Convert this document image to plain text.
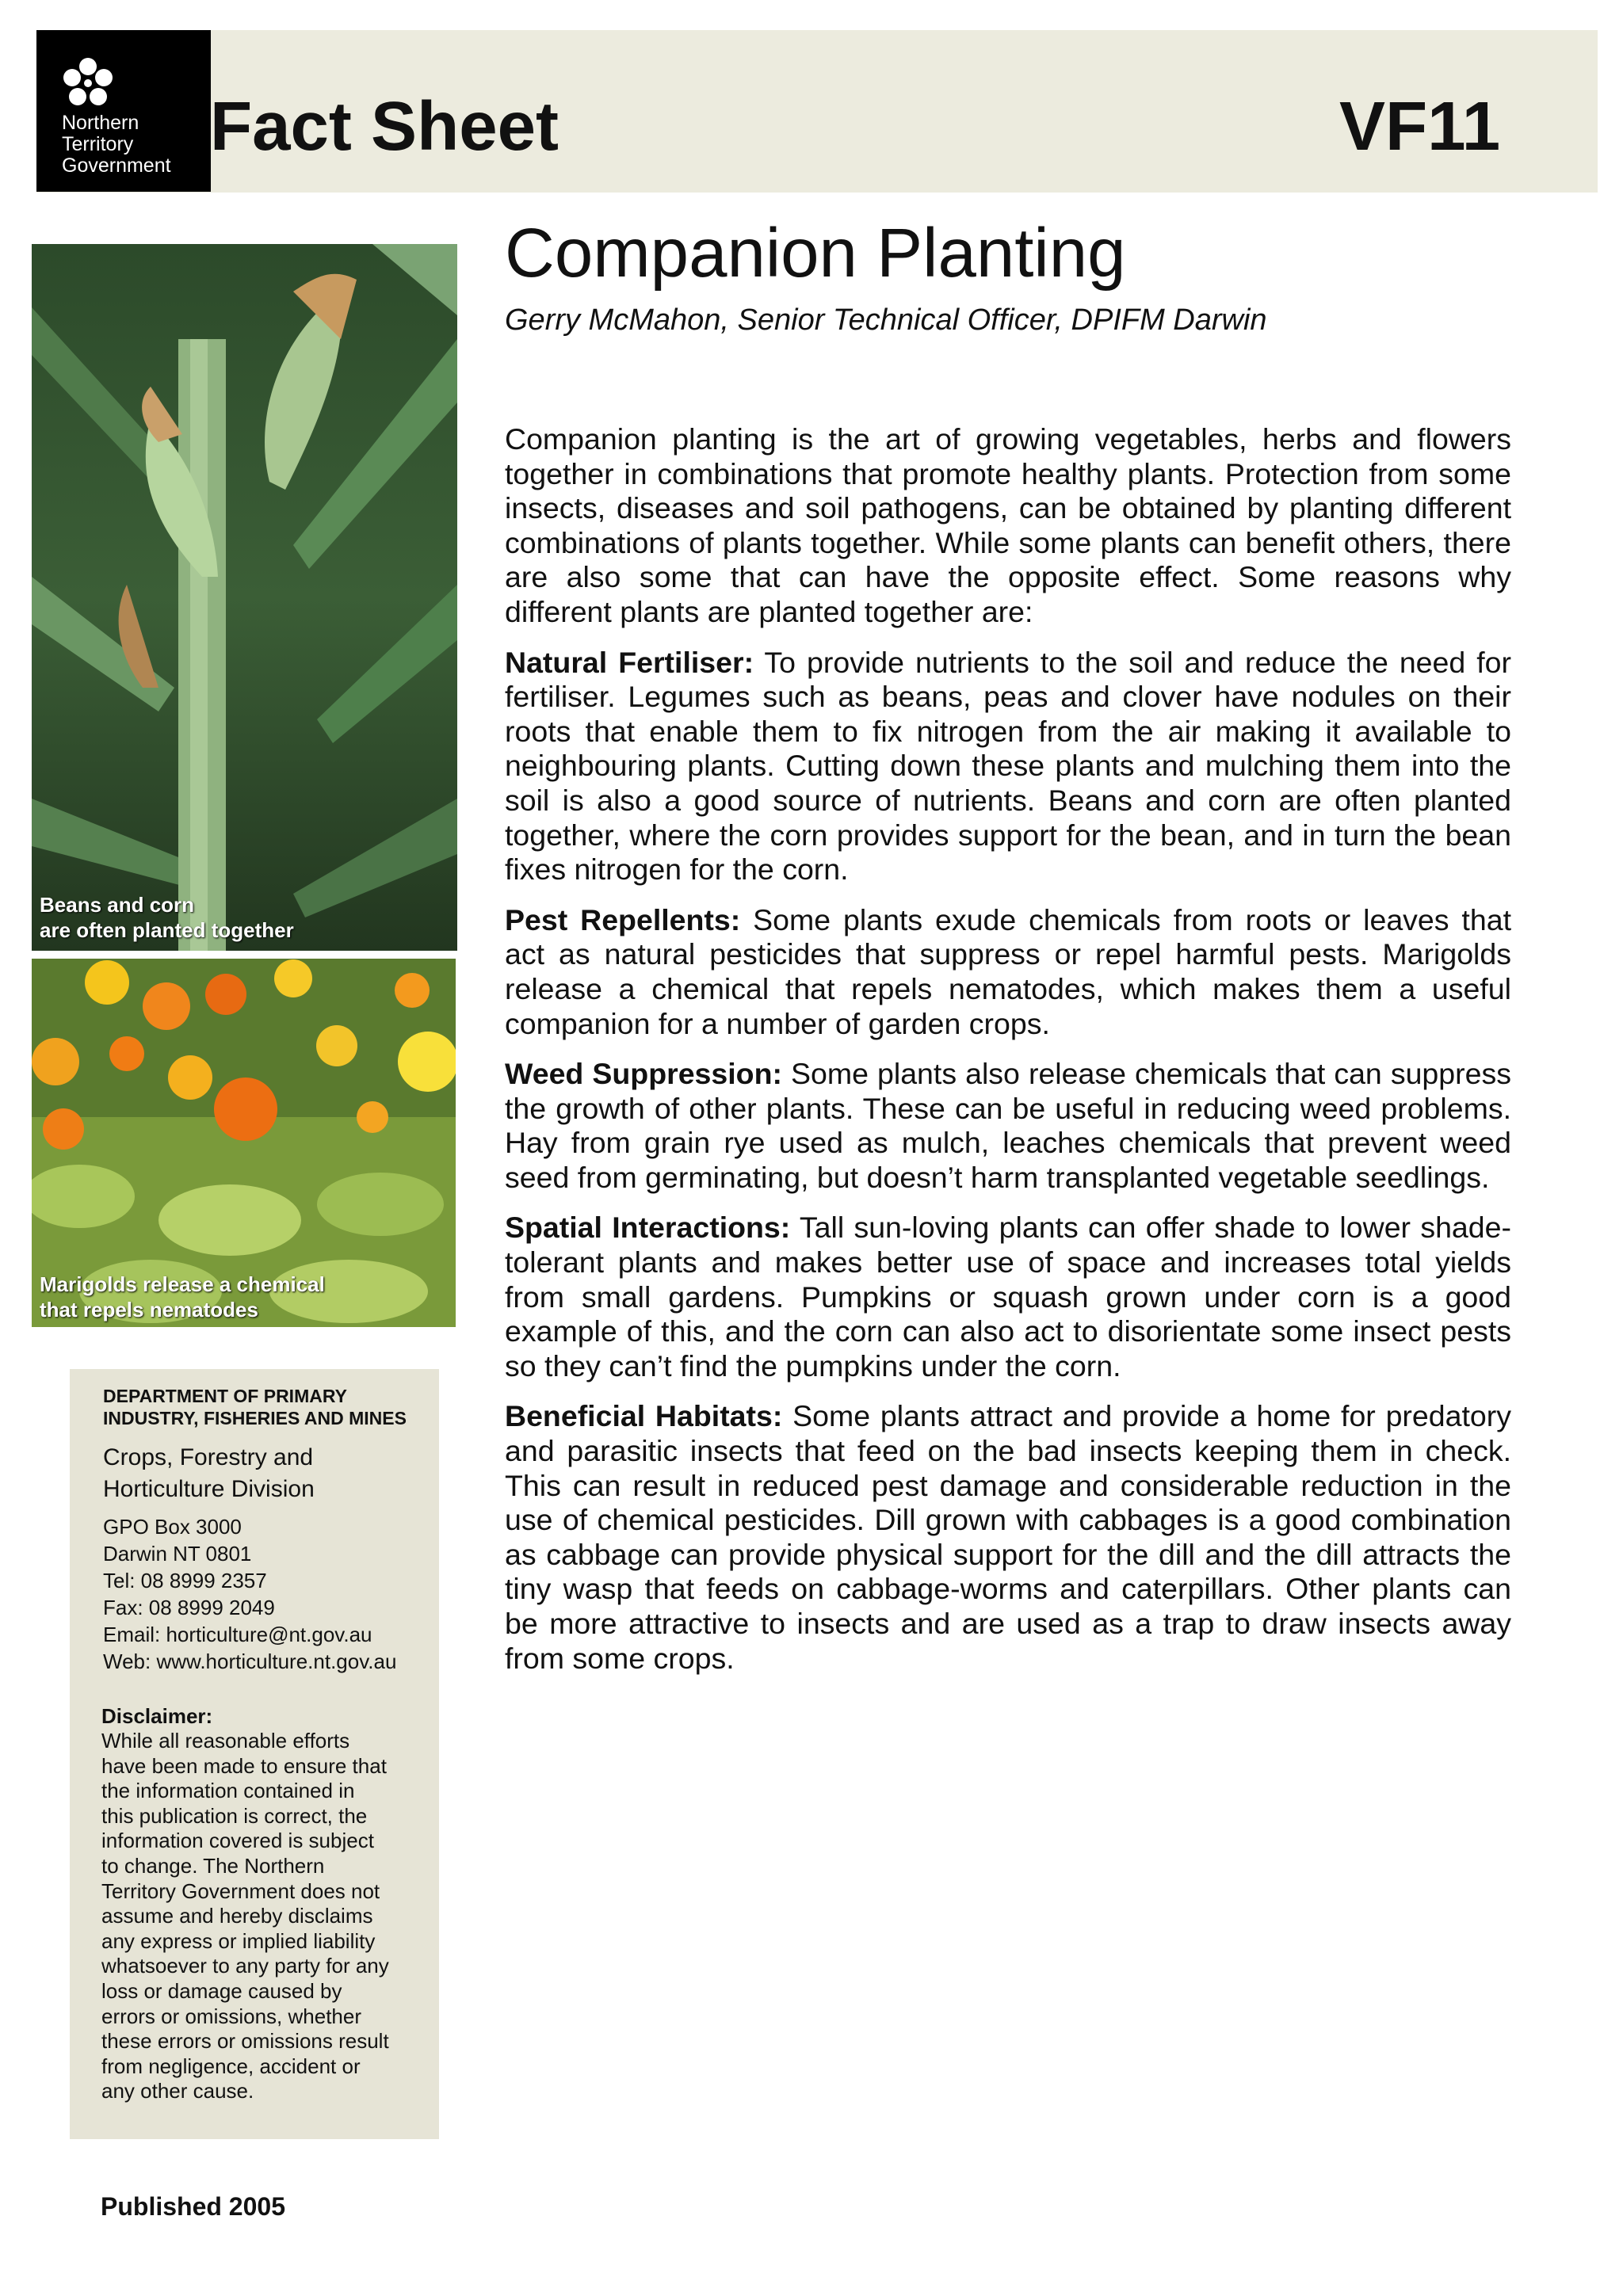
Northern
Territory
Government
Fact Sheet	VF11
Companion Planting
Gerry McMahon, Senior Technical Officer, DPIFM Darwin

Companion planting is the art of growing vegetables, herbs and flowers together in combinations that promote healthy plants. Protection from some insects, diseases and soil pathogens, can be obtained by planting different combinations of plants together. While some plants can benefit others, there are also some that can have the opposite effect. Some reasons why different plants are planted together are:

Natural Fertiliser: To provide nutrients to the soil and reduce the need for fertiliser. Legumes such as beans, peas and clover have nodules on their roots that enable them to fix nitrogen from the air making it available to neighbouring plants. Cutting down these plants and mulching them into the soil is also a good source of nutrients. Beans and corn are often planted together, where the corn provides support for the bean, and in turn the bean fixes nitrogen for the corn.

Pest Repellents: Some plants exude chemicals from roots or leaves that act as natural pesticides that suppress or repel harmful pests. Marigolds release a chemical that repels nematodes, which makes them a useful companion for a number of garden crops.

Weed Suppression: Some plants also release chemicals that can suppress the growth of other plants. These can be useful in reducing weed problems. Hay from grain rye used as mulch, leaches chemicals that prevent weed seed from germinating, but doesn’t harm transplanted vegetable seedlings.

Spatial Interactions: Tall sun-loving plants can offer shade to lower shade-tolerant plants and makes better use of space and increases total yields from small gardens. Pumpkins or squash grown under corn is a good example of this, and the corn can also act to disorientate some insect pests so they can’t find the pumpkins under the corn.

Beneficial Habitats: Some plants attract and provide a home for predatory and parasitic insects that feed on the bad insects keeping them in check. This can result in reduced pest damage and considerable reduction in the use of chemical pesticides. Dill grown with cabbages is a good combination as cabbage can provide physical support for the dill and the dill attracts the tiny wasp that feeds on cabbage-worms and caterpillars. Other plants can be more attractive to insects and are used as a trap to draw insects away from some crops.

Beans and corn
are often planted together
Marigolds release a chemical
that repels nematodes
DEPARTMENT OF PRIMARY
INDUSTRY, FISHERIES AND MINES
Crops, Forestry and
Horticulture Division
GPO Box 3000
Darwin NT 0801
Tel: 08 8999 2357
Fax: 08 8999 2049
Email: horticulture@nt.gov.au
Web: www.horticulture.nt.gov.au
Disclaimer:
While all reasonable efforts
have been made to ensure that
the information contained in
this publication is correct, the
information covered is subject
to change. The Northern
Territory Government does not
assume and hereby disclaims
any express or implied liability
whatsoever to any party for any
loss or damage caused by
errors or omissions, whether
these errors or omissions result
from negligence, accident or
any other cause.
Published 2005
